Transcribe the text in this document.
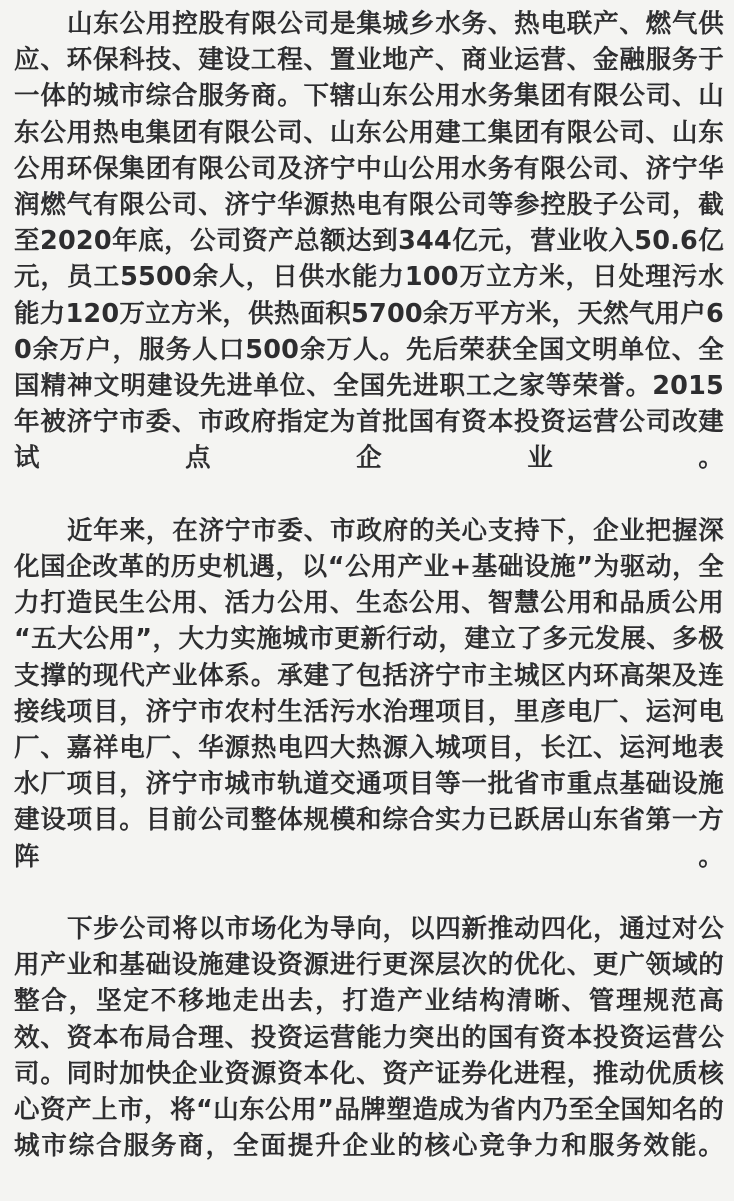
山东公用控股有限公司是集城乡水务、热电联产、燃气供应、环保科技、建设工程、置业地产、商业运营、金融服务于一体的城市综合服务商。下辖山东公用水务集团有限公司、山东公用热电集团有限公司、山东公用建工集团有限公司、山东公用环保集团有限公司及济宁中山公用水务有限公司、济宁华润燃气有限公司、济宁华源热电有限公司等参控股子公司，截至2020年底，公司资产总额达到344亿元，营业收入50.6亿元，员工5500余人，日供水能力100万立方米，日处理污水能力120万立方米，供热面积5700余万平方米，天然气用户60余万户，服务人口500余万人。先后荣获全国文明单位、全国精神文明建设先进单位、全国先进职工之家等荣誉。2015年被济宁市委、市政府指定为首批国有资本投资运营公司改建试点企业。

近年来，在济宁市委、市政府的关心支持下，企业把握深化国企改革的历史机遇，以“公用产业+基础设施”为驱动，全力打造民生公用、活力公用、生态公用、智慧公用和品质公用“五大公用”，大力实施城市更新行动，建立了多元发展、多极支撑的现代产业体系。承建了包括济宁市主城区内环高架及连接线项目，济宁市农村生活污水治理项目，里彦电厂、运河电厂、嘉祥电厂、华源热电四大热源入城项目，长江、运河地表水厂项目，济宁市城市轨道交通项目等一批省市重点基础设施建设项目。目前公司整体规模和综合实力已跃居山东省第一方阵。

下步公司将以市场化为导向，以四新推动四化，通过对公用产业和基础设施建设资源进行更深层次的优化、更广领域的整合，坚定不移地走出去，打造产业结构清晰、管理规范高效、资本布局合理、投资运营能力突出的国有资本投资运营公司。同时加快企业资源资本化、资产证券化进程，推动优质核心资产上市，将“山东公用”品牌塑造成为省内乃至全国知名的城市综合服务商，全面提升企业的核心竞争力和服务效能。
